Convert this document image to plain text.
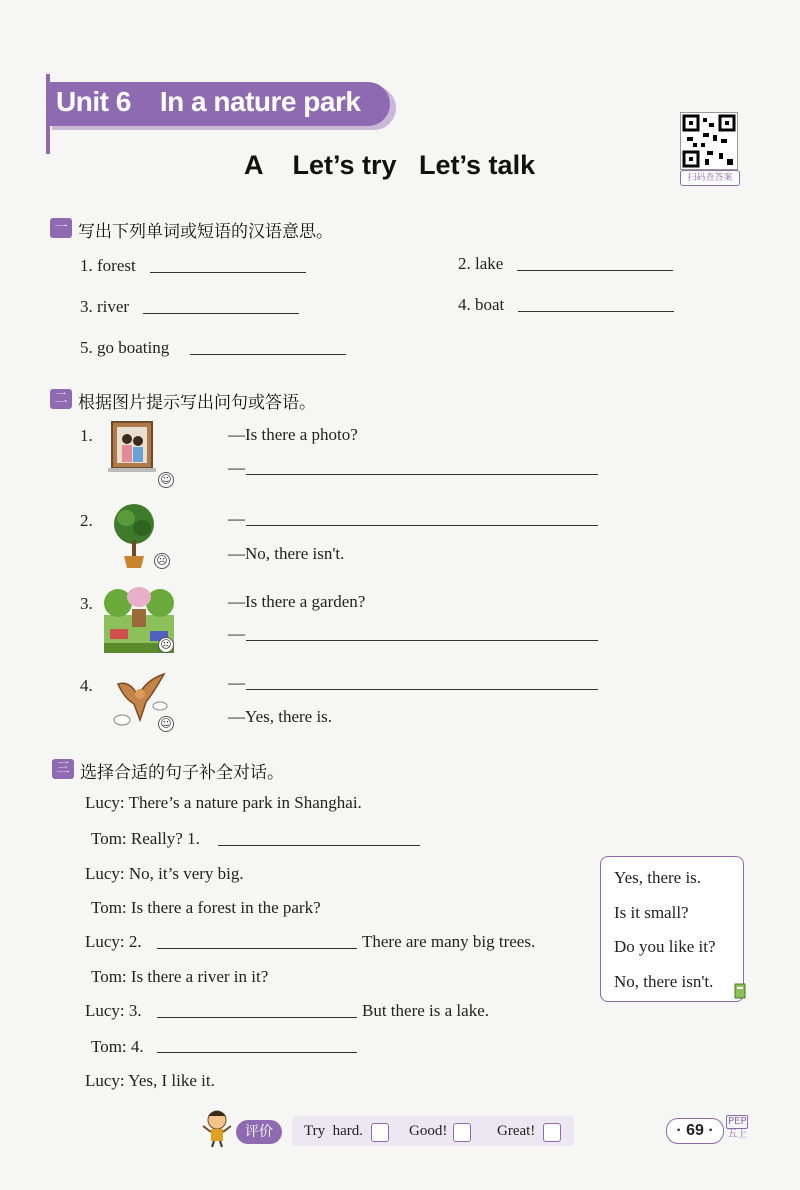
Unit 6    In a nature park
A    Let’s try   Let’s talk	扫码查答案
一 写出下列单词或短语的汉语意思。
1. forest	2. lake
3. river	4. boat
5. go boating
二 根据图片提示写出问句或答语。
1.
☺
—Is there a photo?
—
2.
☹
—
—No, there isn't.
3.
☹
—Is there a garden?
—
4.
☺
—
—Yes, there is.
三 选择合适的句子补全对话。
Lucy: There’s a nature park in Shanghai.
Tom: Really? 1.
Lucy: No, it’s very big.
Tom: Is there a forest in the park?
Lucy: 2.	There are many big trees.
Tom: Is there a river in it?
Lucy: 3.	But there is a lake.
Tom: 4.
Lucy: Yes, I like it.
Yes, there is.
Is it small?
Do you like it?
No, there isn't.
评价	Try  hard.	Good!	Great!	· 69 ·
PEP
五上
